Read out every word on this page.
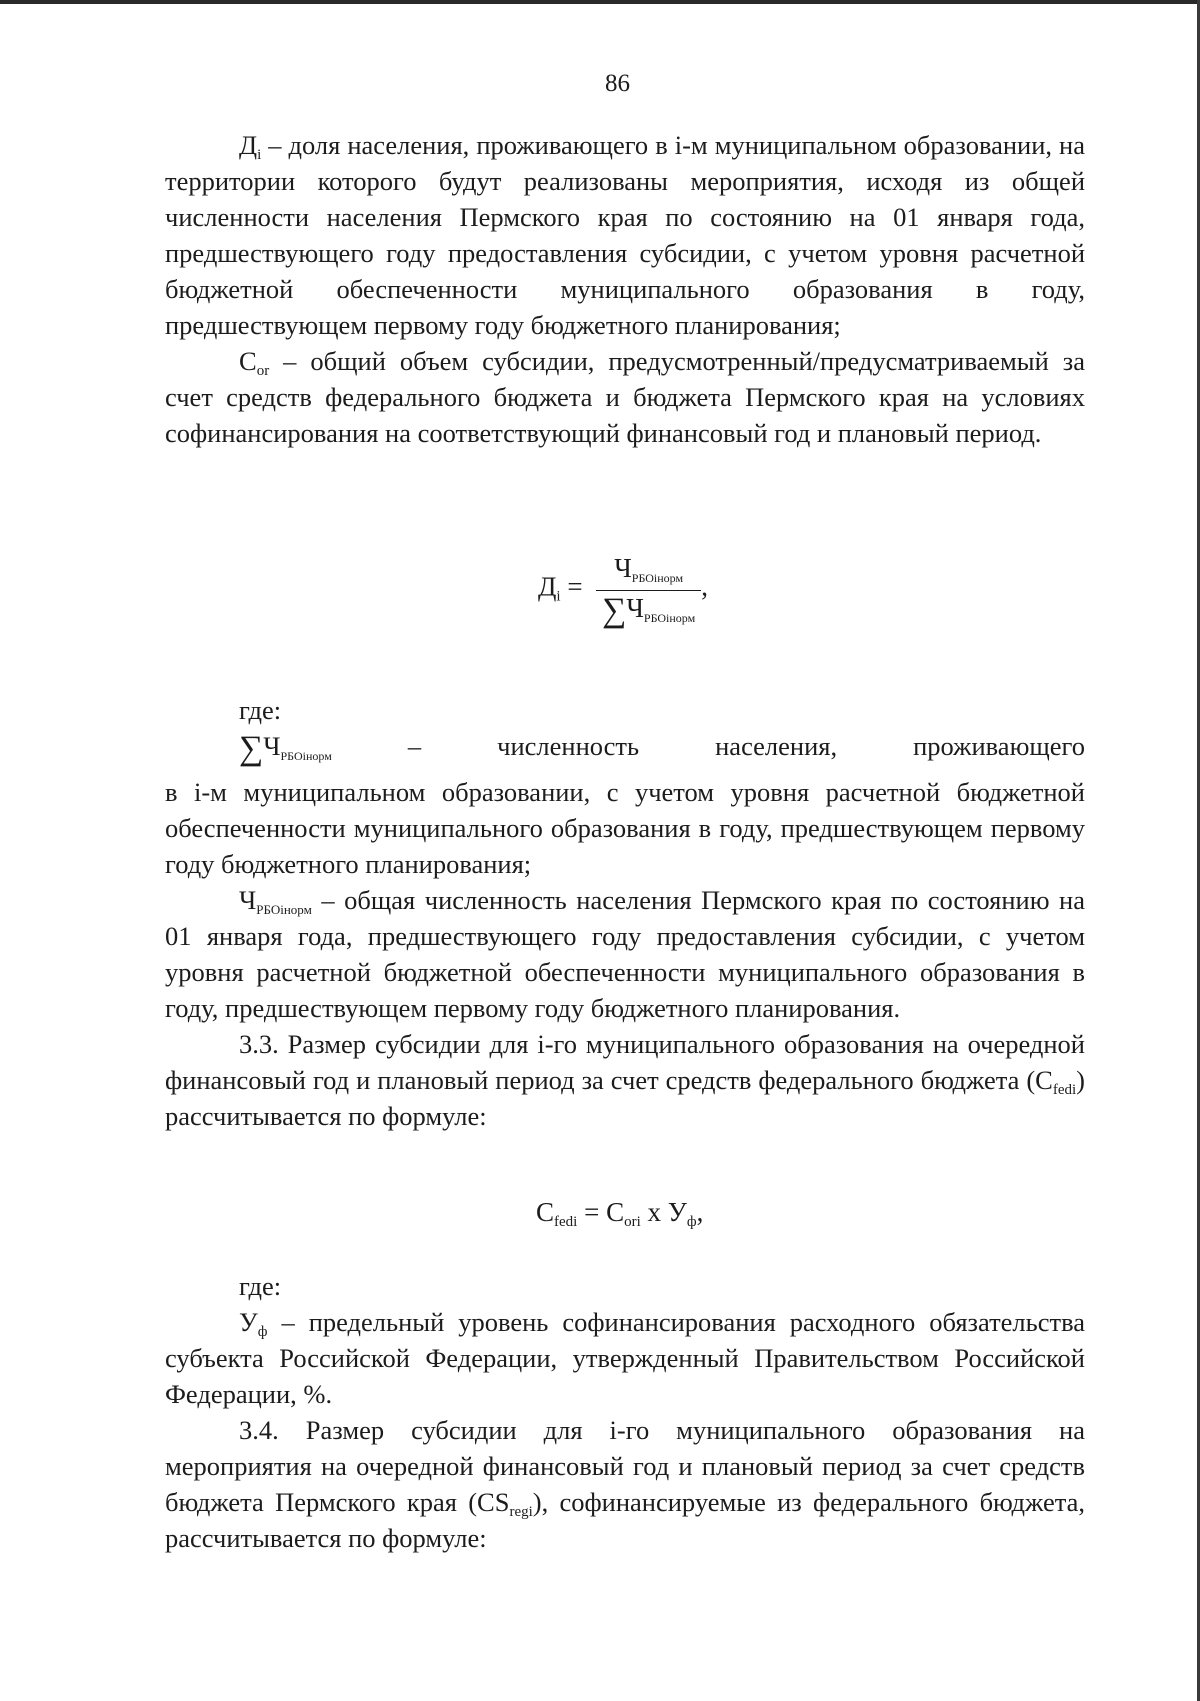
86

$Д_i$ – доля населения, проживающего в i-м муниципальном образовании, на территории которого будут реализованы мероприятия, исходя из общей численности населения Пермского края по состоянию на 01 января года, предшествующего году предоставления субсидии, с учетом уровня расчетной бюджетной обеспеченности муниципального образования в году, предшествующем первому году бюджетного планирования;

$С_{or}$ – общий объем субсидии, предусмотренный/предусматриваемый за счет средств федерального бюджета и бюджета Пермского края на условиях софинансирования на соответствующий финансовый год и плановый период.

$Д_i = \frac{\text{ЧРБОiнорм}}{\text{∑ЧРБОiнорм}}$ ,

где:

∑ЧРБОiнорм	–	численность	населения,	проживающего

в i-м муниципальном образовании, с учетом уровня расчетной бюджетной обеспеченности муниципального образования в году, предшествующем первому году бюджетного планирования;

$Ч_{РБОiнорм}$ – общая численность населения Пермского края по состоянию на 01 января года, предшествующего году предоставления субсидии, с учетом уровня расчетной бюджетной обеспеченности муниципального образования в году, предшествующем первому году бюджетного планирования.

3.3. Размер субсидии для i-го муниципального образования на очередной финансовый год и плановый период за счет средств федерального бюджета $(С_{fedi})$ рассчитывается по формуле:

$С_{fedi} = С_{ori}$ х $У_ф$,

где:

$У_ф$ – предельный уровень софинансирования расходного обязательства субъекта Российской Федерации, утвержденный Правительством Российской Федерации, %.

3.4. Размер субсидии для i-го муниципального образования на мероприятия на очередной финансовый год и плановый период за счет средств бюджета Пермского края $(CS_{regi})$, софинансируемые из федерального бюджета, рассчитывается по формуле:
